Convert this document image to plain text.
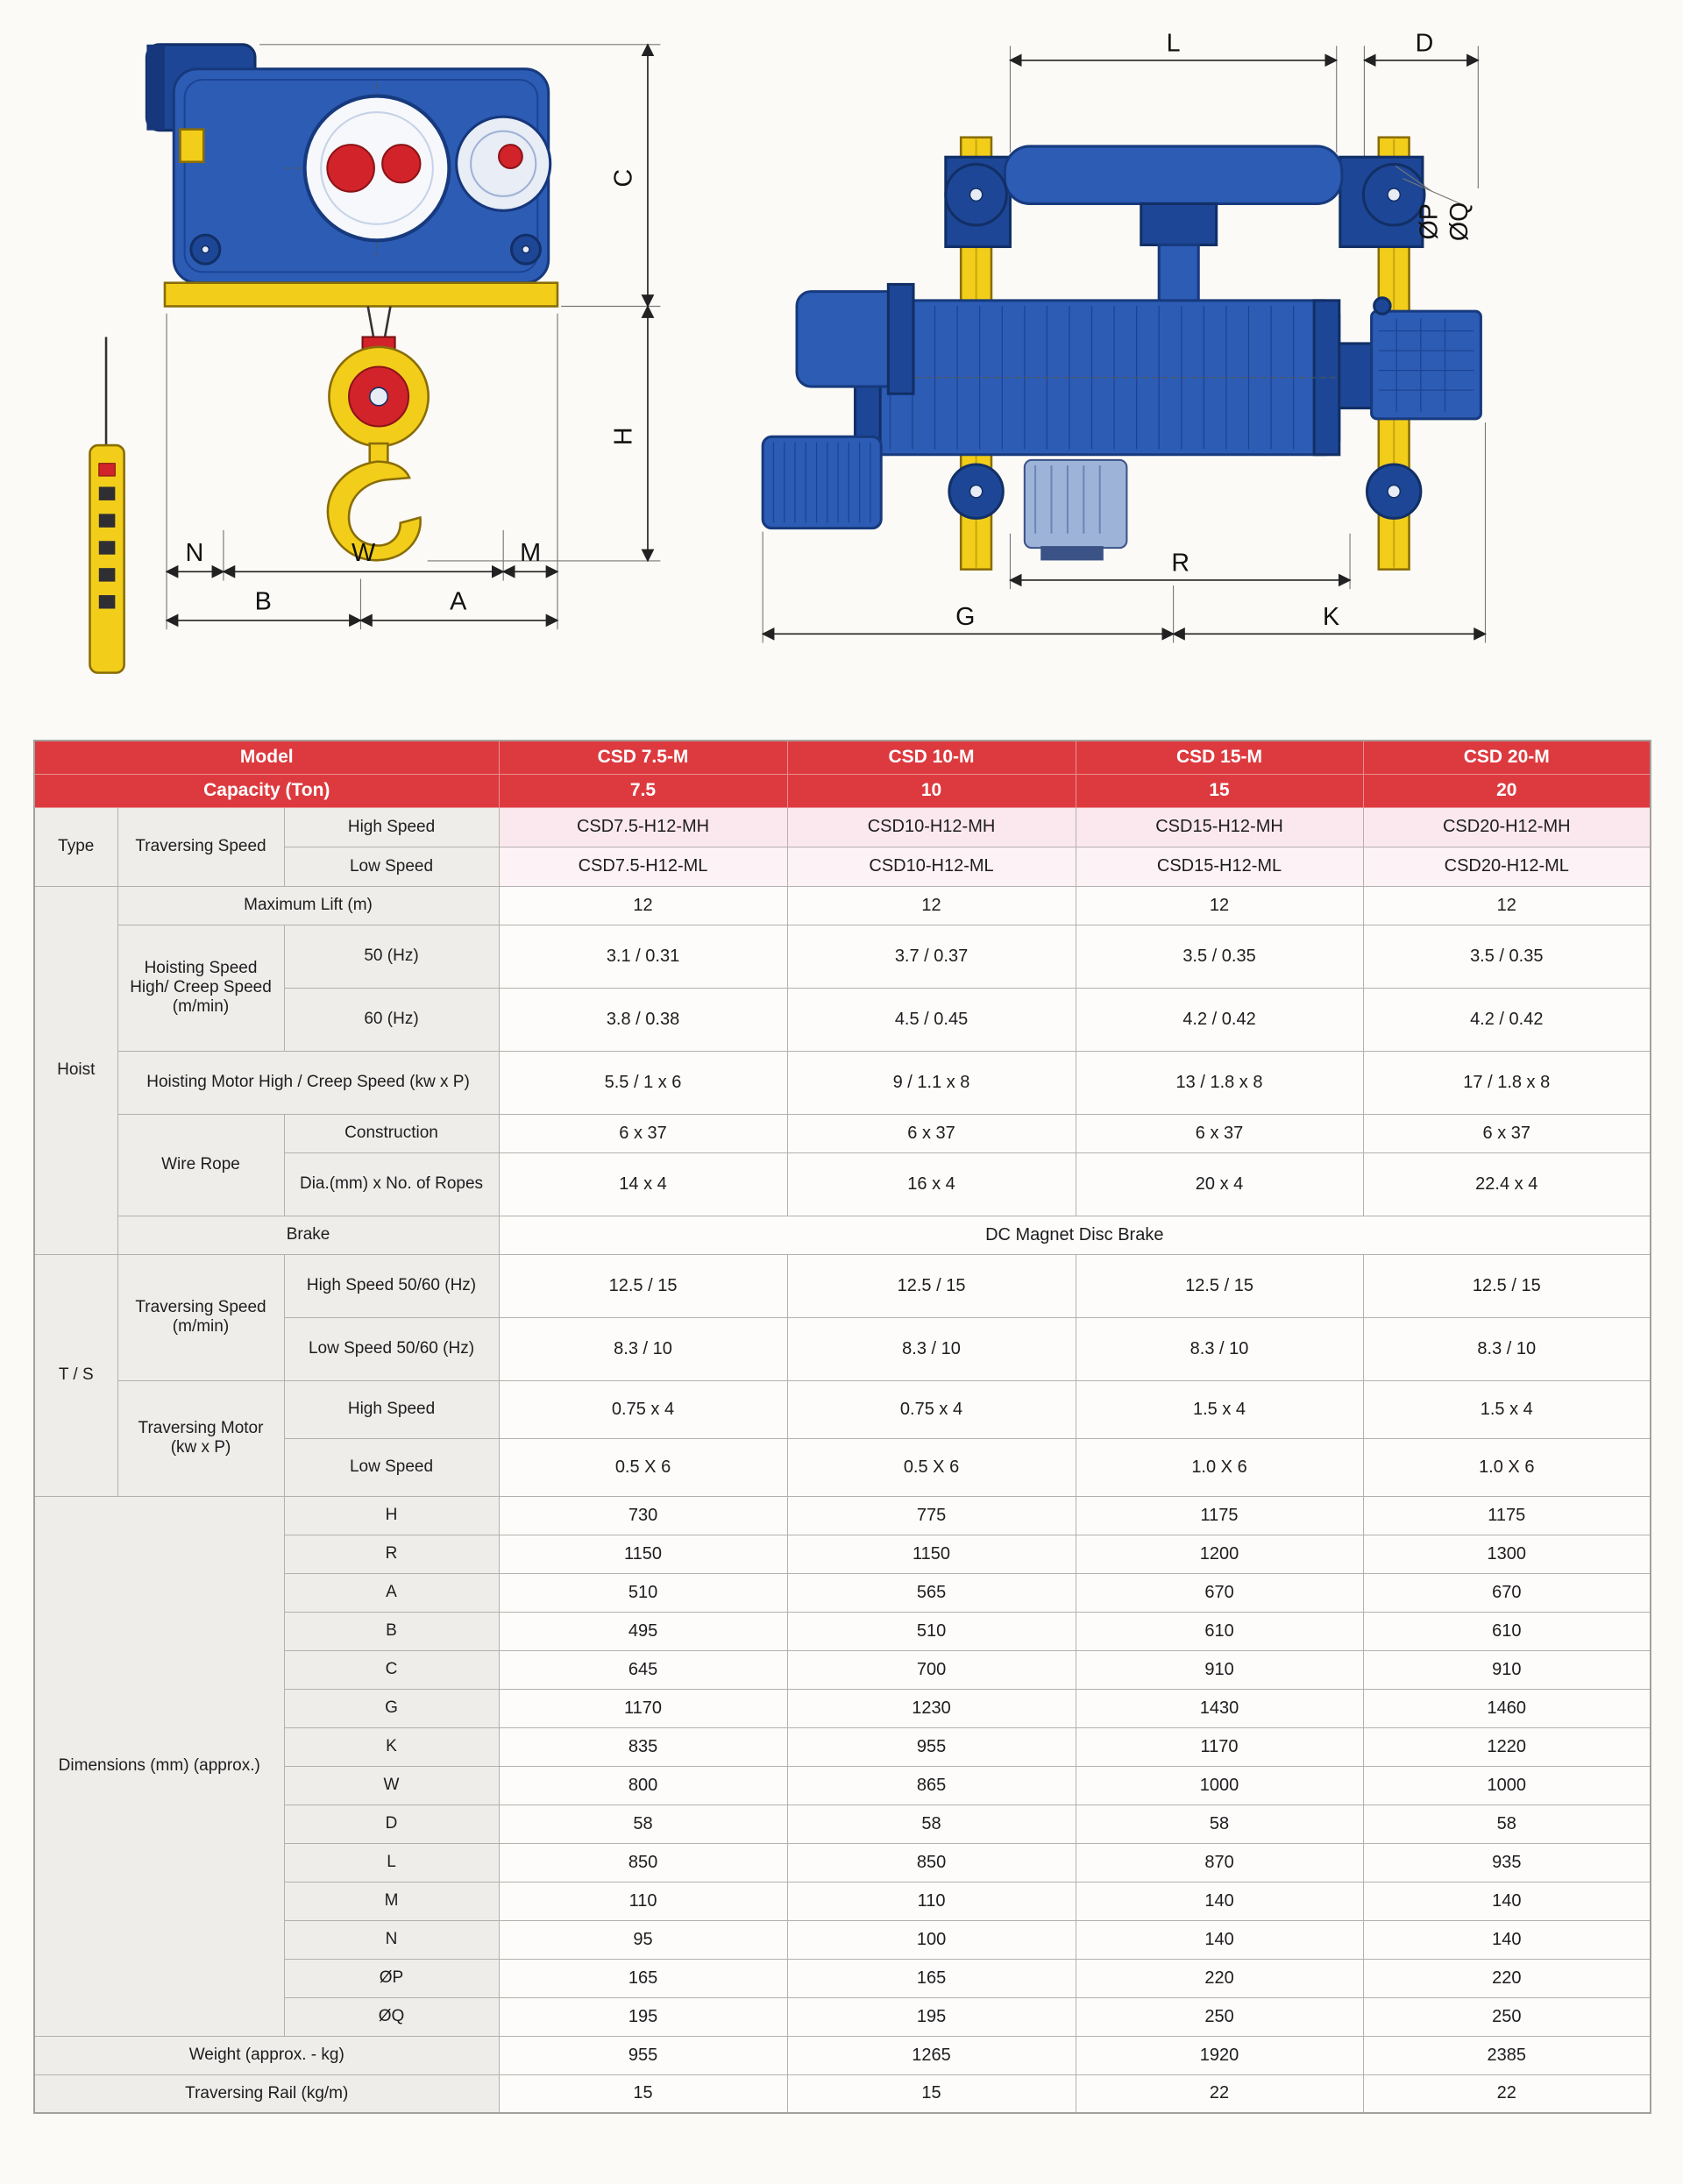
C
H
N	W	M
B	A
L	D
ØP ØQ
R
G	K
Model			CSD 7.5-M	CSD 10-M	CSD 15-M	CSD 20-M
Capacity (Ton)			7.5	10	15	20
Type	Traversing Speed	High Speed	CSD7.5-H12-MH	CSD10-H12-MH	CSD15-H12-MH	CSD20-H12-MH
		Low Speed	CSD7.5-H12-ML	CSD10-H12-ML	CSD15-H12-ML	CSD20-H12-ML
Hoist	Maximum Lift (m)		12	12	12	12
	Hoisting Speed High/ Creep Speed (m/min)	50 (Hz)	3.1 / 0.31	3.7 / 0.37	3.5 / 0.35	3.5 / 0.35
		60 (Hz)	3.8 / 0.38	4.5 / 0.45	4.2 / 0.42	4.2 / 0.42
	Hoisting Motor High / Creep Speed (kw x P)		5.5 / 1 x 6	9 / 1.1 x 8	13 / 1.8 x 8	17 / 1.8 x 8
	Wire Rope	Construction	6 x 37	6 x 37	6 x 37	6 x 37
		Dia.(mm) x No. of Ropes	14 x 4	16 x 4	20 x 4	22.4 x 4
	Brake		DC Magnet Disc Brake			
T / S	Traversing Speed (m/min)	High Speed 50/60 (Hz)	12.5 / 15	12.5 / 15	12.5 / 15	12.5 / 15
		Low Speed 50/60 (Hz)	8.3 / 10	8.3 / 10	8.3 / 10	8.3 / 10
	Traversing Motor (kw x P)	High Speed	0.75 x 4	0.75 x 4	1.5 x 4	1.5 x 4
		Low Speed	0.5 X 6	0.5 X 6	1.0 X 6	1.0 X 6
Dimensions (mm) (approx.)		H	730	775	1175	1175
		R	1150	1150	1200	1300
		A	510	565	670	670
		B	495	510	610	610
		C	645	700	910	910
		G	1170	1230	1430	1460
		K	835	955	1170	1220
		W	800	865	1000	1000
		D	58	58	58	58
		L	850	850	870	935
		M	110	110	140	140
		N	95	100	140	140
		ØP	165	165	220	220
		ØQ	195	195	250	250
Weight (approx. - kg)			955	1265	1920	2385
Traversing Rail (kg/m)			15	15	22	22
